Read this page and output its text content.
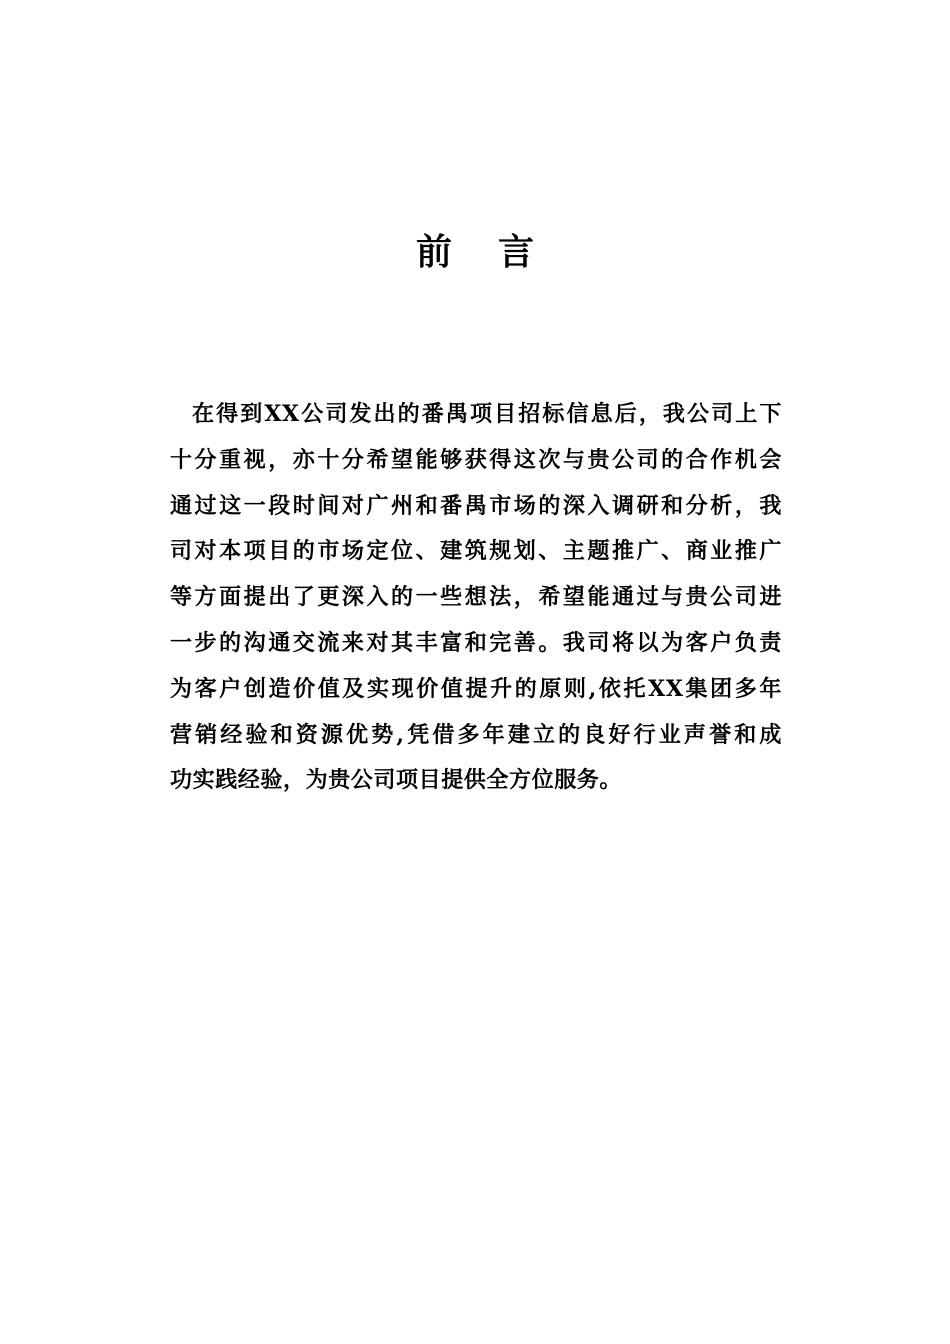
前 言
在得到XX公司发出的番禺项目招标信息后，我公司上下
十分重视，亦十分希望能够获得这次与贵公司的合作机会
通过这一段时间对广州和番禺市场的深入调研和分析，我
司对本项目的市场定位、建筑规划、主题推广、商业推广
等方面提出了更深入的一些想法，希望能通过与贵公司进
一步的沟通交流来对其丰富和完善。我司将以为客户负责
为客户创造价值及实现价值提升的原则,依托XX集团多年
营销经验和资源优势,凭借多年建立的良好行业声誉和成
功实践经验，为贵公司项目提供全方位服务。
